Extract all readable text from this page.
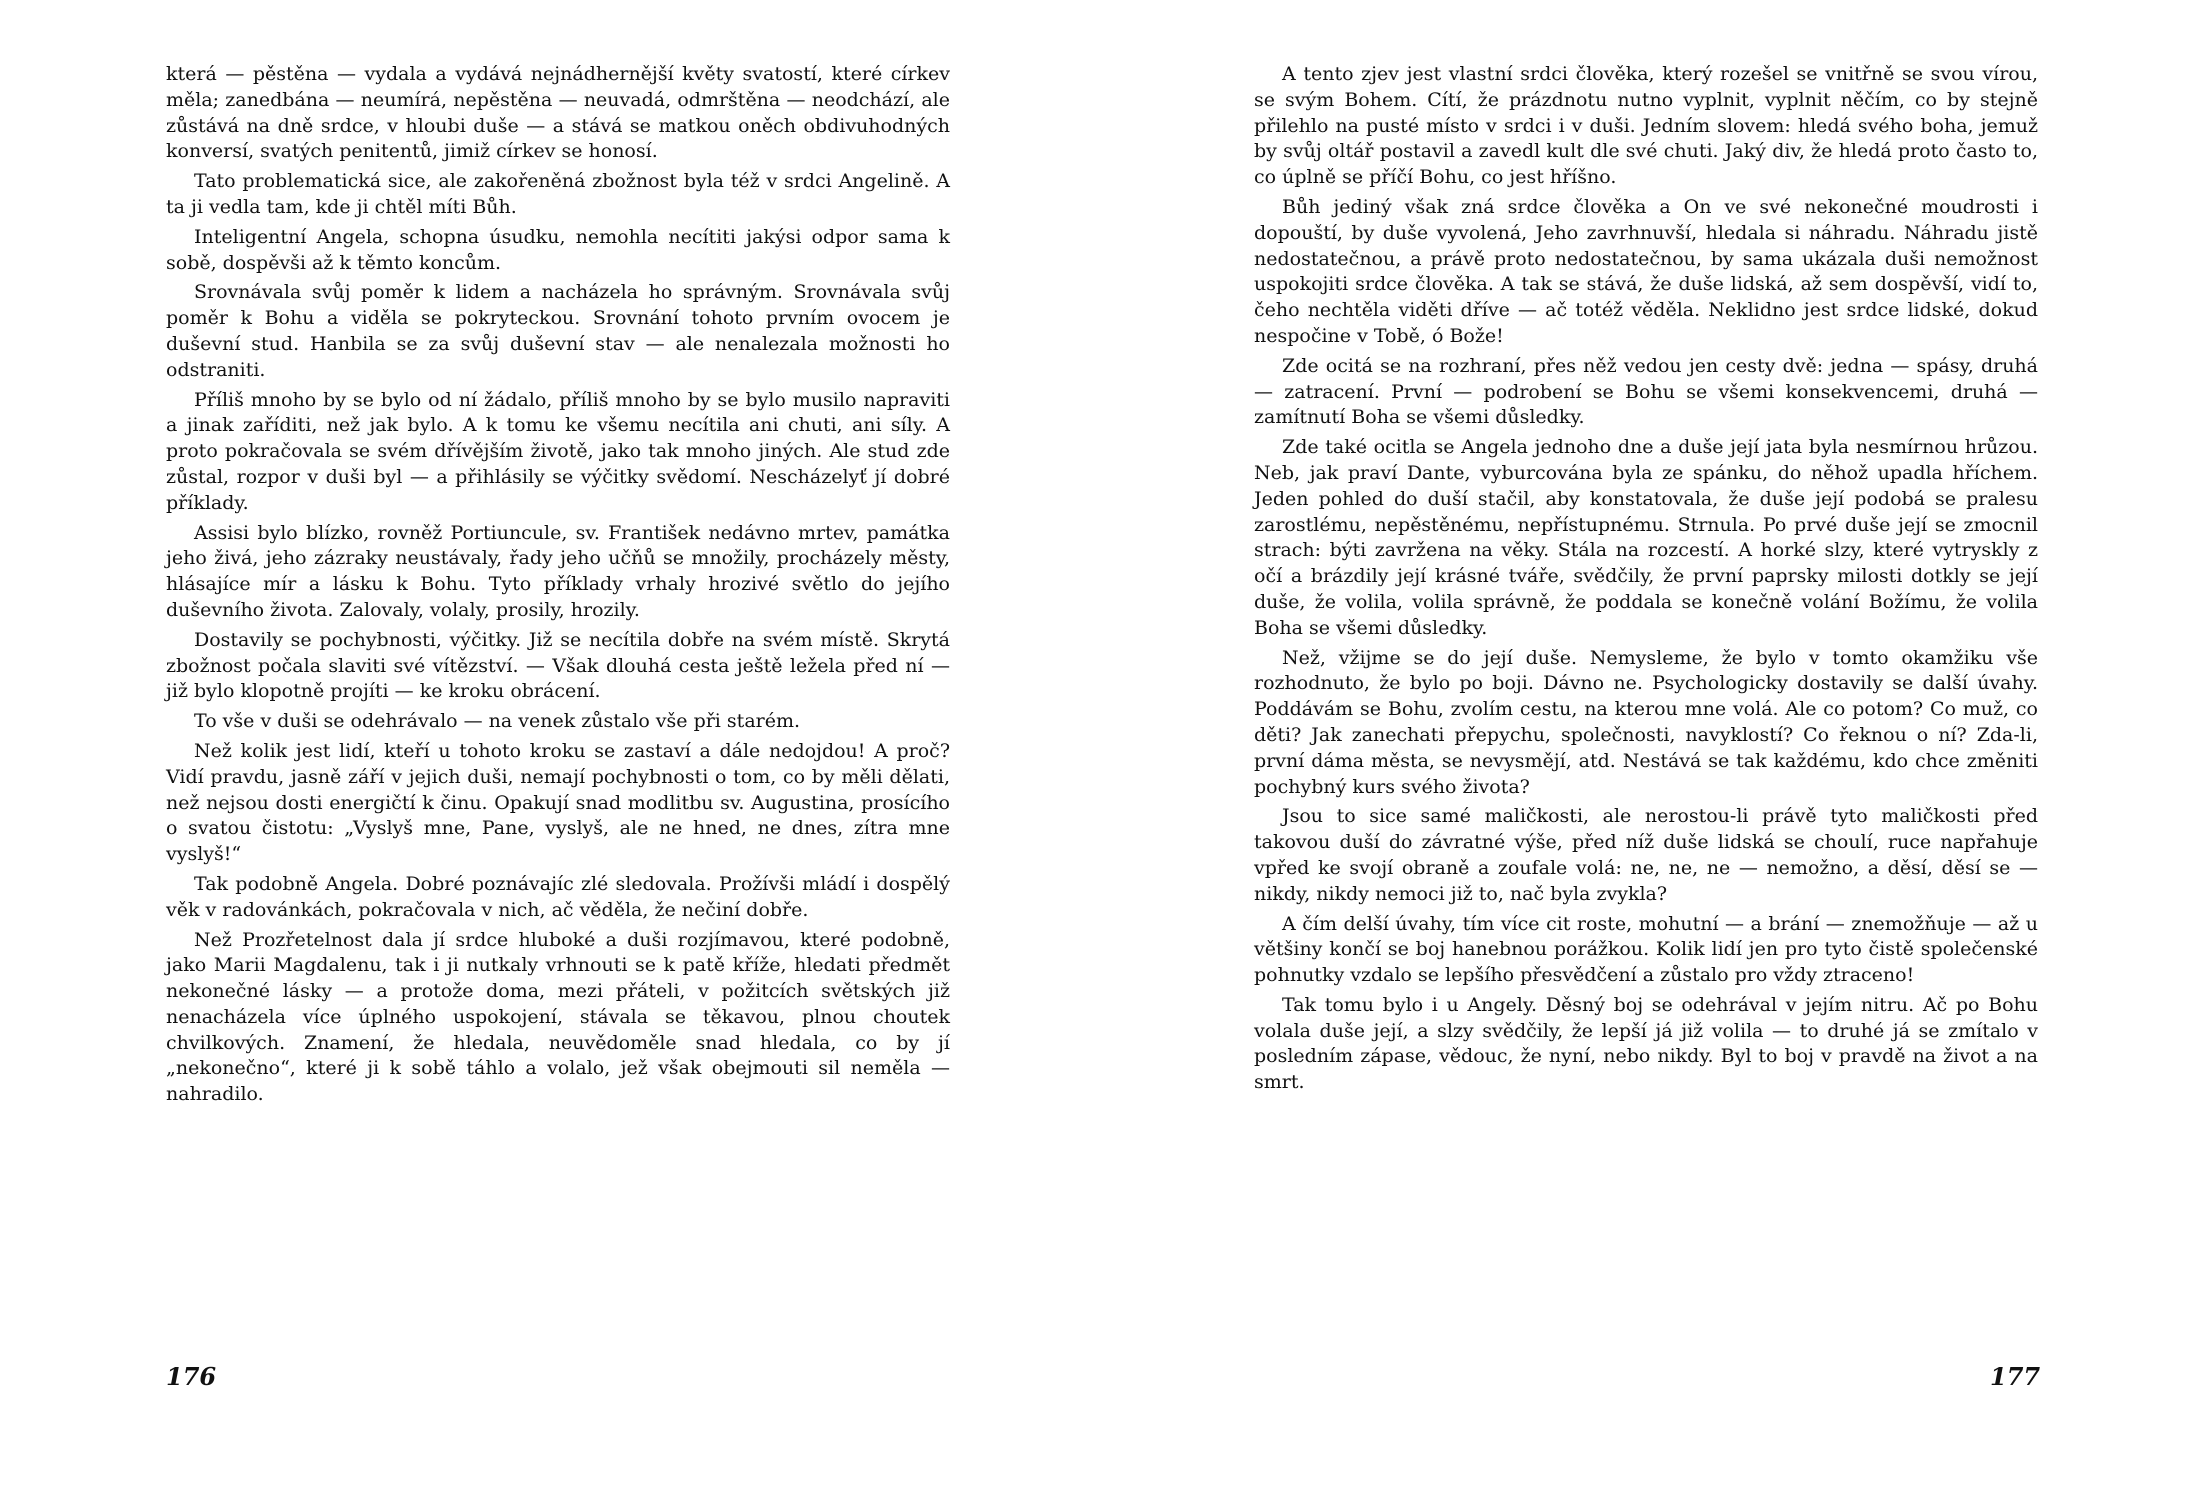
která — pěstěna — vydala a vydává nejnádhernější květy svatostí, které církev měla; zanedbána — neumírá, nepěstěna — neuvadá, odmrštěna — neodchází, ale zůstává na dně srdce, v hloubi duše — a stává se matkou oněch obdivuhodných konversí, svatých penitentů, jimiž církev se honosí.

Tato problematická sice, ale zakořeněná zbožnost byla též v srdci Angelině. A ta ji vedla tam, kde ji chtěl míti Bůh.

Inteligentní Angela, schopna úsudku, nemohla necítiti jakýsi odpor sama k sobě, dospěvši až k těmto koncům.

Srovnávala svůj poměr k lidem a nacházela ho správným. Srovnávala svůj poměr k Bohu a viděla se pokryteckou. Srovnání tohoto prvním ovocem je duševní stud. Hanbila se za svůj duševní stav — ale nenalezala možnosti ho odstraniti.

Příliš mnoho by se bylo od ní žádalo, příliš mnoho by se bylo musilo napraviti a jinak zaříditi, než jak bylo. A k tomu ke všemu necítila ani chuti, ani síly. A proto pokračovala se svém dřívějším životě, jako tak mnoho jiných. Ale stud zde zůstal, rozpor v duši byl — a přihlásily se výčitky svědomí. Nescházelyť jí dobré příklady.

Assisi bylo blízko, rovněž Portiuncule, sv. František nedávno mrtev, památka jeho živá, jeho zázraky neustávaly, řady jeho učňů se množily, procházely městy, hlásajíce mír a lásku k Bohu. Tyto příklady vrhaly hrozivé světlo do jejího duševního života. Zalovaly, volaly, prosily, hrozily.

Dostavily se pochybnosti, výčitky. Již se necítila dobře na svém místě. Skrytá zbožnost počala slaviti své vítězství. — Však dlouhá cesta ještě ležela před ní — již bylo klopotně projíti — ke kroku obrácení.

To vše v duši se odehrávalo — na venek zůstalo vše při starém.

Než kolik jest lidí, kteří u tohoto kroku se zastaví a dále nedojdou! A proč? Vidí pravdu, jasně září v jejich duši, nemají pochybnosti o tom, co by měli dělati, než nejsou dosti energičtí k činu. Opakují snad modlitbu sv. Augustina, prosícího o svatou čistotu: „Vyslyš mne, Pane, vyslyš, ale ne hned, ne dnes, zítra mne vyslyš!“

Tak podobně Angela. Dobré poznávajíc zlé sledovala. Prožívši mládí i dospělý věk v radovánkách, pokračovala v nich, ač věděla, že nečiní dobře.

Než Prozřetelnost dala jí srdce hluboké a duši rozjímavou, které podobně, jako Marii Magdalenu, tak i ji nutkaly vrhnouti se k patě kříže, hledati předmět nekonečné lásky — a protože doma, mezi přáteli, v požitcích světských již nenacházela více úplného uspokojení, stávala se těkavou, plnou choutek chvilkových. Znamení, že hledala, neuvědoměle snad hledala, co by jí „nekonečno“, které ji k sobě táhlo a volalo, jež však obejmouti sil neměla — nahradilo.

176

A tento zjev jest vlastní srdci člověka, který rozešel se vnitřně se svou vírou, se svým Bohem. Cítí, že prázdnotu nutno vyplnit, vyplnit něčím, co by stejně přilehlo na pusté místo v srdci i v duši. Jedním slovem: hledá svého boha, jemuž by svůj oltář postavil a zavedl kult dle své chuti. Jaký div, že hledá proto často to, co úplně se příčí Bohu, co jest hříšno.

Bůh jediný však zná srdce člověka a On ve své nekonečné moudrosti i dopouští, by duše vyvolená, Jeho zavrhnuvší, hledala si náhradu. Náhradu jistě nedostatečnou, a právě proto nedostatečnou, by sama ukázala duši nemožnost uspokojiti srdce člověka. A tak se stává, že duše lidská, až sem dospěvší, vidí to, čeho nechtěla viděti dříve — ač totéž věděla. Neklidno jest srdce lidské, dokud nespočine v Tobě, ó Bože!

Zde ocitá se na rozhraní, přes něž vedou jen cesty dvě: jedna — spásy, druhá — zatracení. První — podrobení se Bohu se všemi konsekvencemi, druhá — zamítnutí Boha se všemi důsledky.

Zde také ocitla se Angela jednoho dne a duše její jata byla nesmírnou hrůzou. Neb, jak praví Dante, vyburcována byla ze spánku, do něhož upadla hříchem. Jeden pohled do duší stačil, aby konstatovala, že duše její podobá se pralesu zarostlému, nepěstěnému, nepřístupnému. Strnula. Po prvé duše její se zmocnil strach: býti zavržena na věky. Stála na rozcestí. A horké slzy, které vytryskly z očí a brázdily její krásné tváře, svědčily, že první paprsky milosti dotkly se její duše, že volila, volila správně, že poddala se konečně volání Božímu, že volila Boha se všemi důsledky.

Než, vžijme se do její duše. Nemysleme, že bylo v tomto okamžiku vše rozhodnuto, že bylo po boji. Dávno ne. Psychologicky dostavily se další úvahy. Poddávám se Bohu, zvolím cestu, na kterou mne volá. Ale co potom? Co muž, co děti? Jak zanechati přepychu, společnosti, navyklostí? Co řeknou o ní? Zda-li, první dáma města, se nevysmějí, atd. Nestává se tak každému, kdo chce změniti pochybný kurs svého života?

Jsou to sice samé maličkosti, ale nerostou-li právě tyto maličkosti před takovou duší do závratné výše, před níž duše lidská se choulí, ruce napřahuje vpřed ke svojí obraně a zoufale volá: ne, ne, ne — nemožno, a děsí, děsí se — nikdy, nikdy nemoci již to, nač byla zvykla?

A čím delší úvahy, tím více cit roste, mohutní — a brání — znemožňuje — až u většiny končí se boj hanebnou porážkou. Kolik lidí jen pro tyto čistě společenské pohnutky vzdalo se lepšího přesvědčení a zůstalo pro vždy ztraceno!

Tak tomu bylo i u Angely. Děsný boj se odehrával v jejím nitru. Ač po Bohu volala duše její, a slzy svědčily, že lepší já již volila — to druhé já se zmítalo v posledním zápase, vědouc, že nyní, nebo nikdy. Byl to boj v pravdě na život a na smrt.

177
